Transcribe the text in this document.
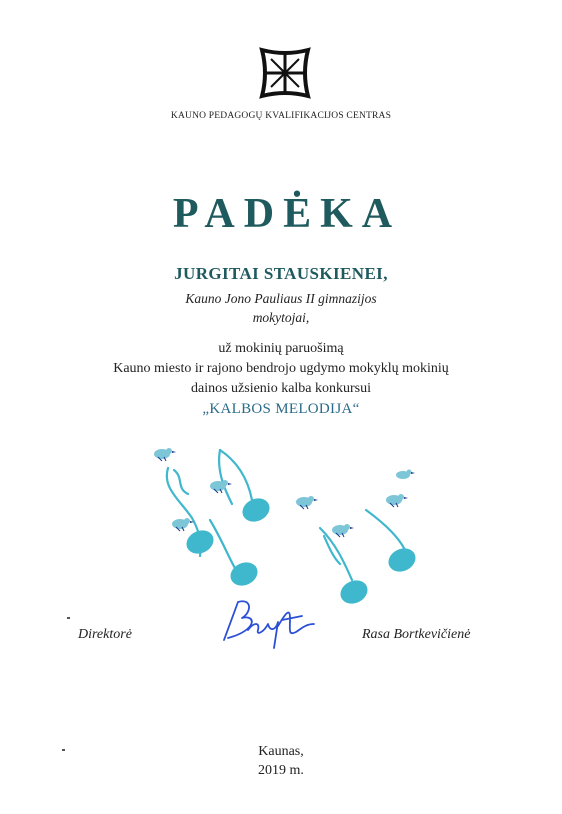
KAUNO PEDAGOGŲ KVALIFIKACIJOS CENTRAS
PADĖKA
JURGITAI STAUSKIENEI,
Kauno Jono Pauliaus II gimnazijos
mokytojai,
už mokinių paruošimą
Kauno miesto ir rajono bendrojo ugdymo mokyklų mokinių
dainos užsienio kalba konkursui
„KALBOS MELODIJA“
Direktorė	Rasa Bortkevičienė
Kaunas,
2019 m.
